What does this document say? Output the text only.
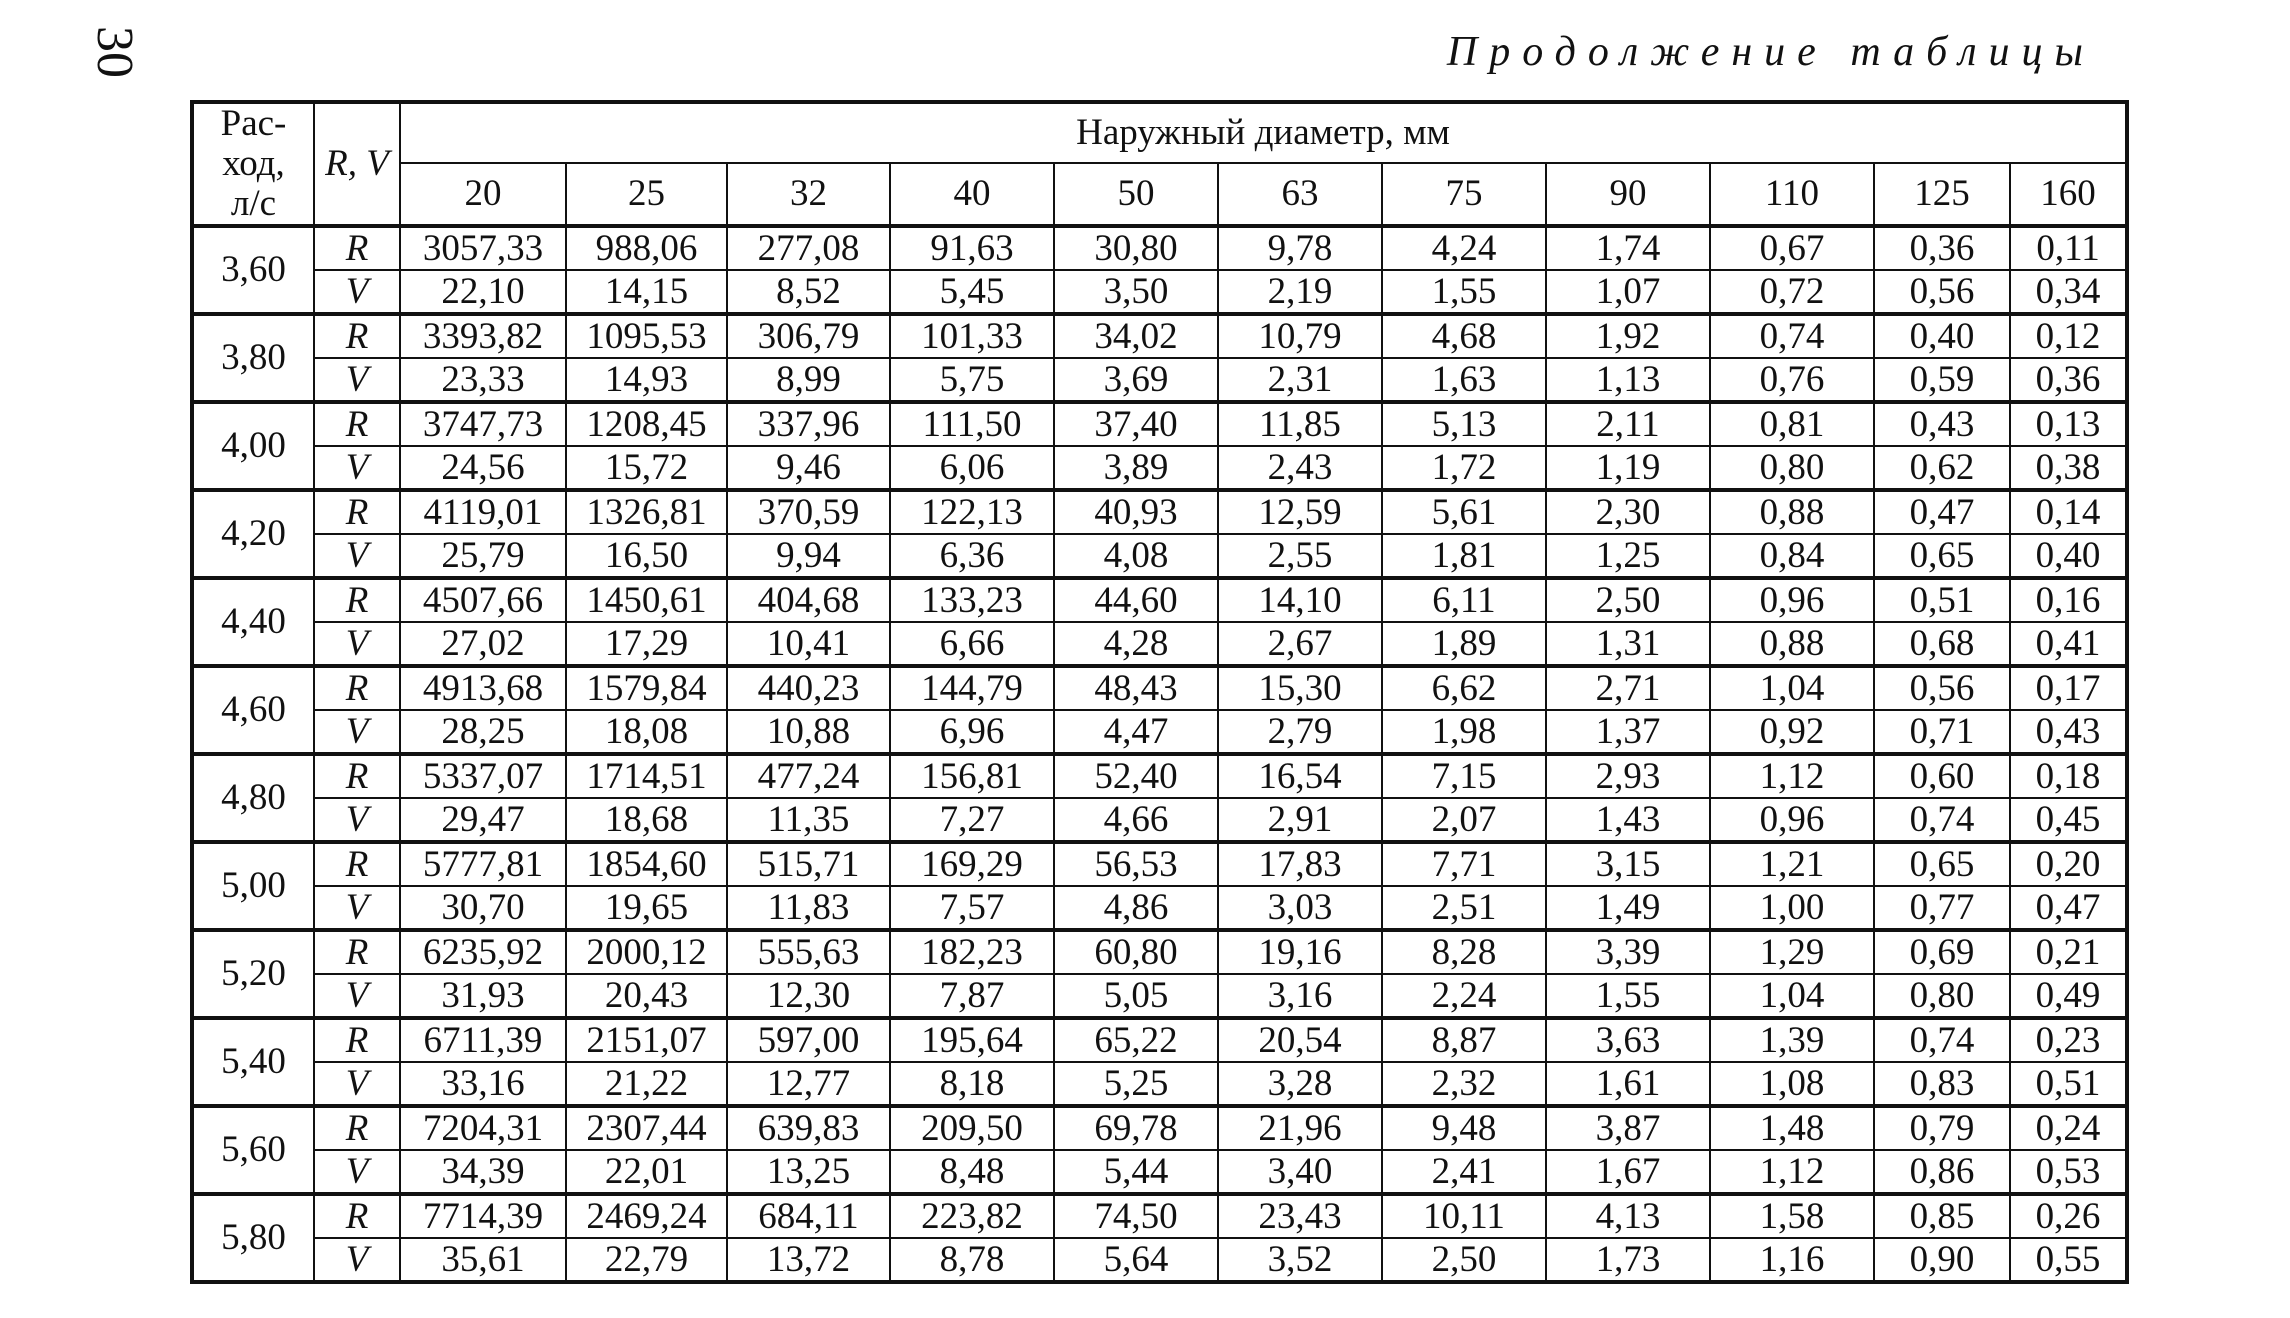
30	Продолжение таблицы
Рас-
ход,
л/с	R, V	Наружный диаметр, мм										
		20	25	32	40	50	63	75	90	110	125	160
3,60	R	3057,33	988,06	277,08	91,63	30,80	9,78	4,24	1,74	0,67	0,36	0,11
	V	22,10	14,15	8,52	5,45	3,50	2,19	1,55	1,07	0,72	0,56	0,34
3,80	R	3393,82	1095,53	306,79	101,33	34,02	10,79	4,68	1,92	0,74	0,40	0,12
	V	23,33	14,93	8,99	5,75	3,69	2,31	1,63	1,13	0,76	0,59	0,36
4,00	R	3747,73	1208,45	337,96	111,50	37,40	11,85	5,13	2,11	0,81	0,43	0,13
	V	24,56	15,72	9,46	6,06	3,89	2,43	1,72	1,19	0,80	0,62	0,38
4,20	R	4119,01	1326,81	370,59	122,13	40,93	12,59	5,61	2,30	0,88	0,47	0,14
	V	25,79	16,50	9,94	6,36	4,08	2,55	1,81	1,25	0,84	0,65	0,40
4,40	R	4507,66	1450,61	404,68	133,23	44,60	14,10	6,11	2,50	0,96	0,51	0,16
	V	27,02	17,29	10,41	6,66	4,28	2,67	1,89	1,31	0,88	0,68	0,41
4,60	R	4913,68	1579,84	440,23	144,79	48,43	15,30	6,62	2,71	1,04	0,56	0,17
	V	28,25	18,08	10,88	6,96	4,47	2,79	1,98	1,37	0,92	0,71	0,43
4,80	R	5337,07	1714,51	477,24	156,81	52,40	16,54	7,15	2,93	1,12	0,60	0,18
	V	29,47	18,68	11,35	7,27	4,66	2,91	2,07	1,43	0,96	0,74	0,45
5,00	R	5777,81	1854,60	515,71	169,29	56,53	17,83	7,71	3,15	1,21	0,65	0,20
	V	30,70	19,65	11,83	7,57	4,86	3,03	2,51	1,49	1,00	0,77	0,47
5,20	R	6235,92	2000,12	555,63	182,23	60,80	19,16	8,28	3,39	1,29	0,69	0,21
	V	31,93	20,43	12,30	7,87	5,05	3,16	2,24	1,55	1,04	0,80	0,49
5,40	R	6711,39	2151,07	597,00	195,64	65,22	20,54	8,87	3,63	1,39	0,74	0,23
	V	33,16	21,22	12,77	8,18	5,25	3,28	2,32	1,61	1,08	0,83	0,51
5,60	R	7204,31	2307,44	639,83	209,50	69,78	21,96	9,48	3,87	1,48	0,79	0,24
	V	34,39	22,01	13,25	8,48	5,44	3,40	2,41	1,67	1,12	0,86	0,53
5,80	R	7714,39	2469,24	684,11	223,82	74,50	23,43	10,11	4,13	1,58	0,85	0,26
	V	35,61	22,79	13,72	8,78	5,64	3,52	2,50	1,73	1,16	0,90	0,55
